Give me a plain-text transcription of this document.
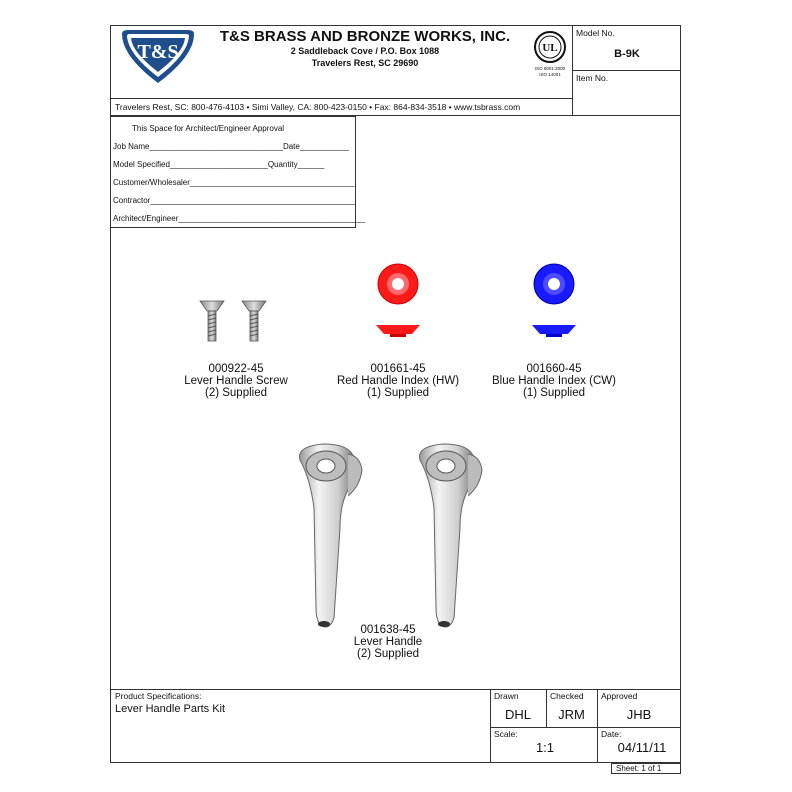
T&S
T&S BRASS AND BRONZE WORKS, INC.
2 Saddleback Cove / P.O. Box 1088
Travelers Rest, SC 29690
UL
ISO 9001:2000
ISO 14001
Model No.
B-9K
Item No.
Travelers Rest, SC: 800-476-4103 • Simi Valley, CA: 800-423-0150 • Fax: 864-834-3518 • www.tsbrass.com
This Space for Architect/Engineer Approval
Job Name______________________________Date___________
Model Specified______________________Quantity______
Customer/Wholesaler_____________________________________
Contractor______________________________________________
Architect/Engineer__________________________________________
000922-45
Lever Handle Screw
(2) Supplied
001661-45
Red Handle Index (HW)
(1) Supplied
001660-45
Blue Handle Index (CW)
(1) Supplied
001638-45
Lever Handle
(2) Supplied
Product Specifications:
Lever Handle Parts Kit
Drawn
DHL
Checked
JRM
Approved
JHB
Scale:
1:1
Date:
04/11/11
Sheet: 1 of 1
